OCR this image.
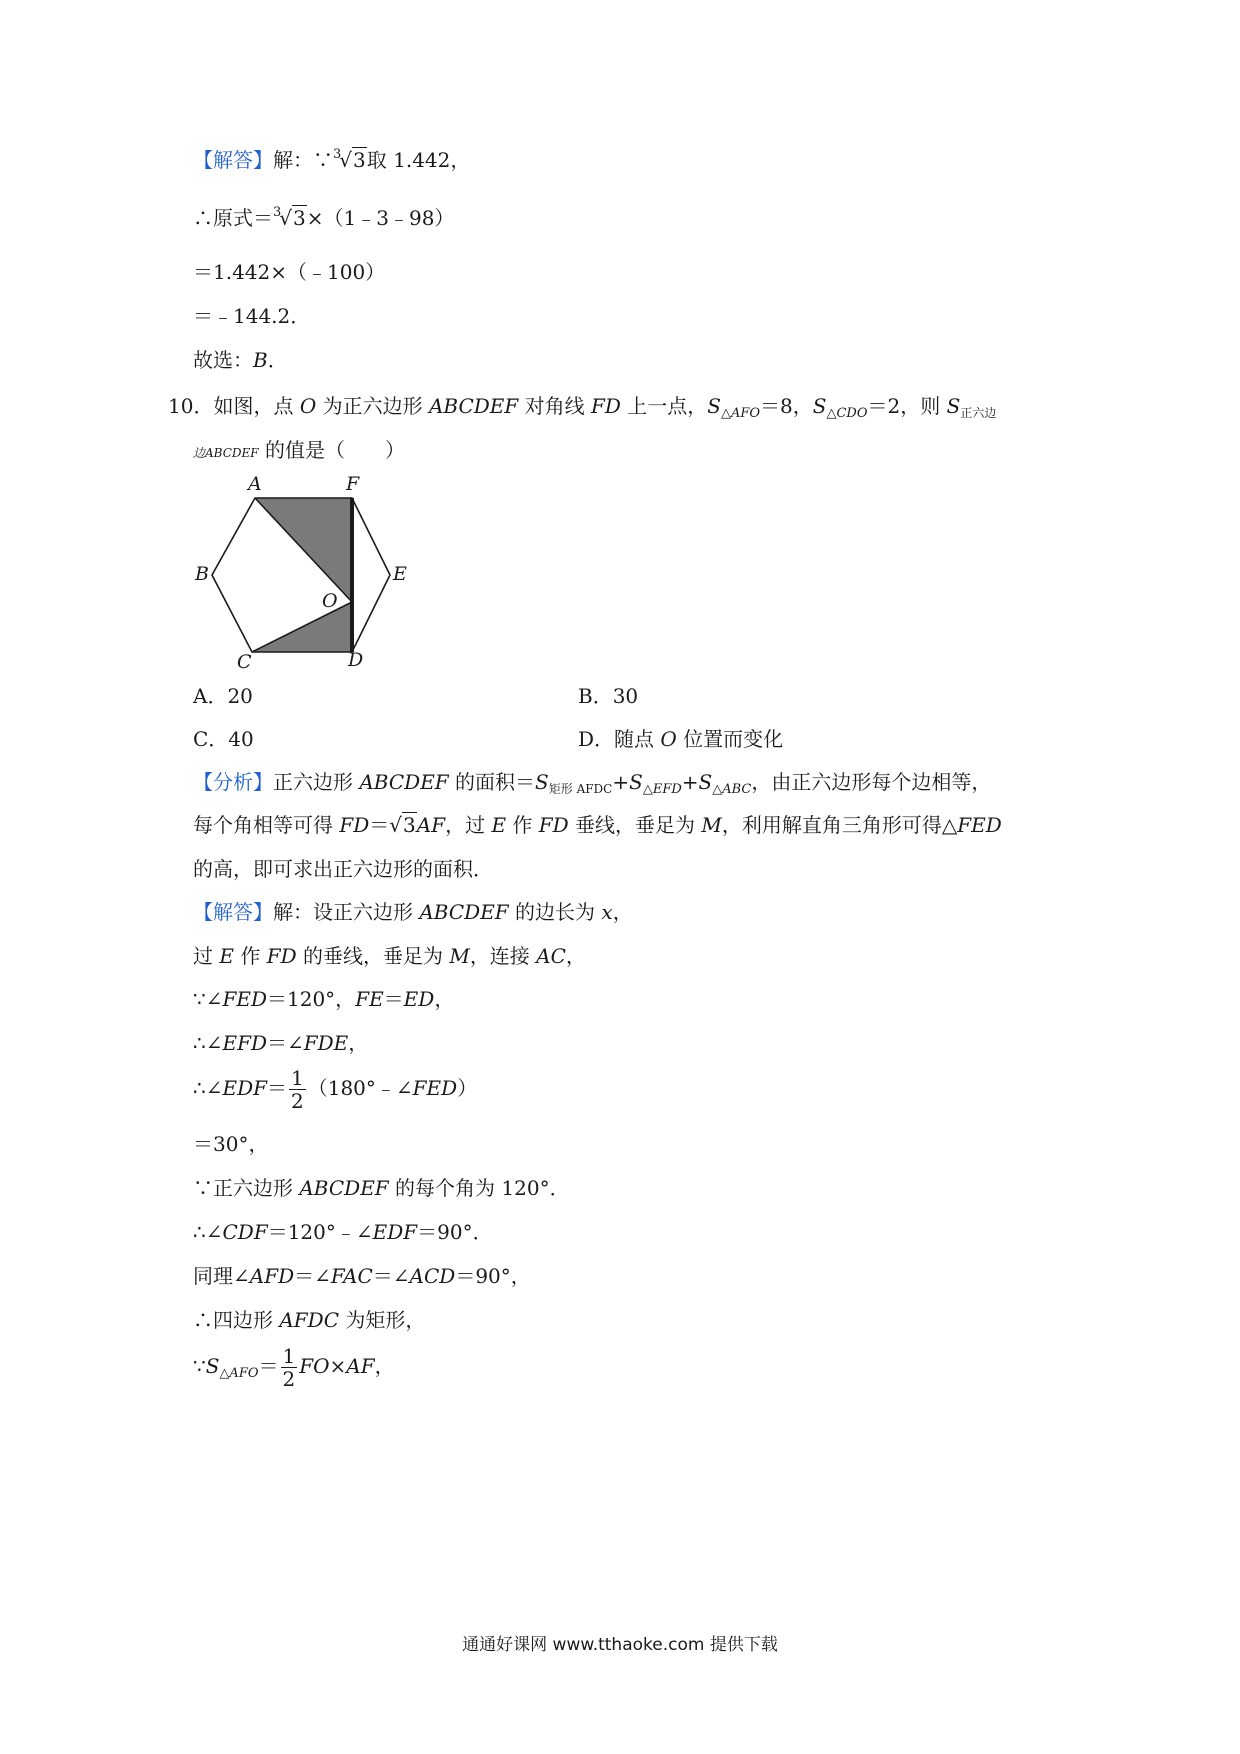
【解答】解：∵$^3$√3取 1.442，
∴原式＝$^3$√3×（1﹣3﹣98）
＝1.442×（﹣100）
＝﹣144.2．
故选：B．
10．如图，点 O 为正六边形 ABCDEF 对角线 FD 上一点，$S_{\triangle AFO}=8$，$S_{\triangle CDO}=2$，则 $S_{正六边}$
边ABCDEF 的值是（　　）
A	F
B	E
O
C	D
A．20	B．30
C．40	D．随点 O 位置而变化
【分析】正六边形 ABCDEF 的面积$=S_{矩形 AFDC}+S_{\triangle EFD}+S_{\triangle ABC}$，由正六边形每个边相等，
每个角相等可得 FD＝√3AF，过 E 作 FD 垂线，垂足为 M，利用解直角三角形可得△FED
的高，即可求出正六边形的面积．
【解答】解：设正六边形 ABCDEF 的边长为 x，
过 E 作 FD 的垂线，垂足为 M，连接 AC，
∵∠FED＝120°，FE＝ED，
∴∠EFD＝∠FDE，
∴∠EDF＝ $\frac{1}{2}$ （180°﹣∠FED）
＝30°，
∵正六边形 ABCDEF 的每个角为 120°．
∴∠CDF＝120°﹣∠EDF＝90°．
同理∠AFD＝∠FAC＝∠ACD＝90°，
∴四边形 AFDC 为矩形，
$\because S_{\triangle AFO}= \frac{1}{2} FO\times AF$，
通通好课网 www.tthaoke.com 提供下载
